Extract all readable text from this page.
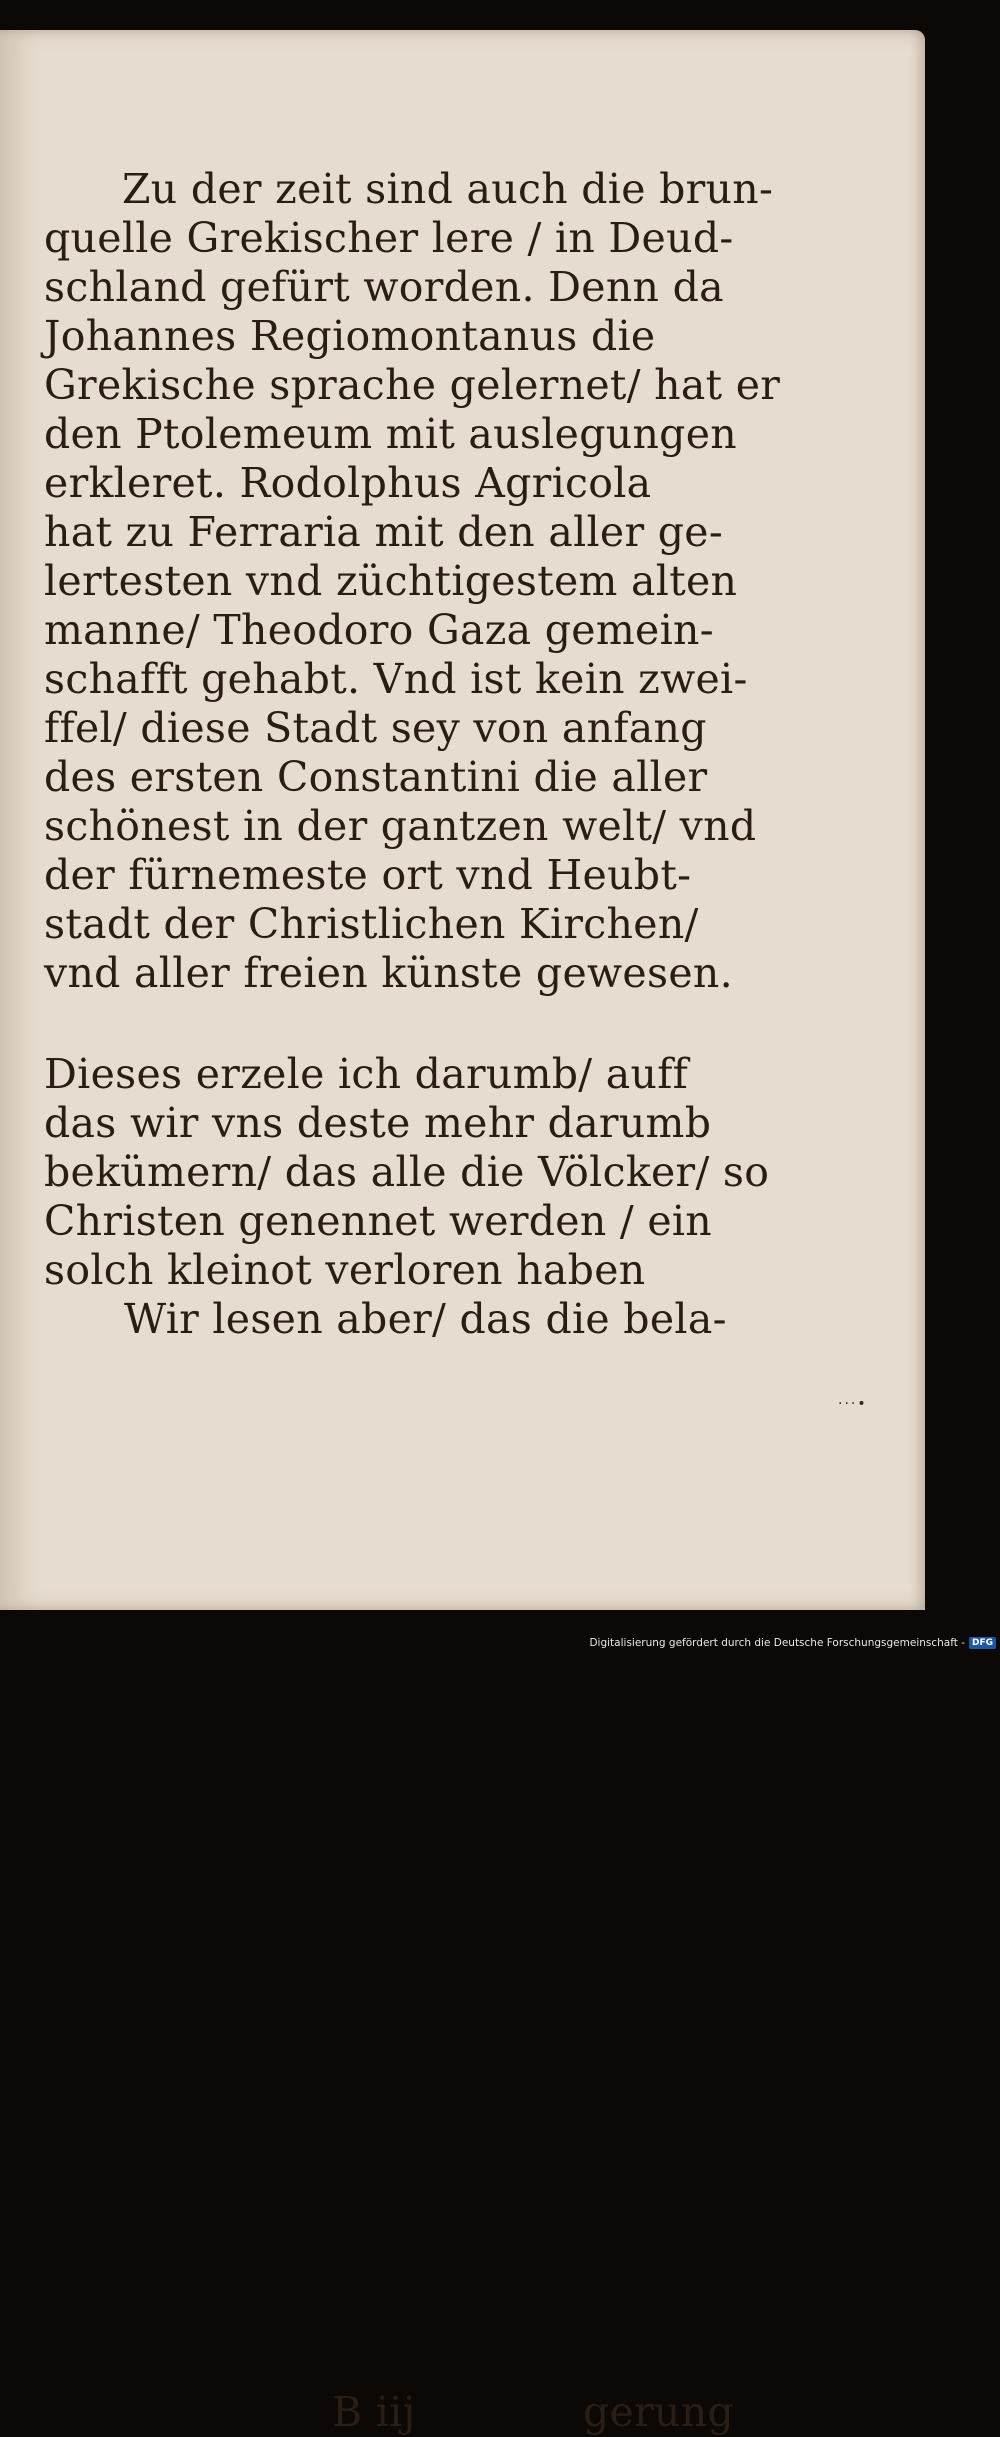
Zu der zeit sind auch die brun-
quelle Grekischer lere / in Deud-
schland gefürt worden. Denn da
Johannes Regiomontanus die
Grekische sprache gelernet/ hat er
den Ptolemeum mit auslegungen
erkleret. Rodolphus Agricola
hat zu Ferraria mit den aller ge-
lertesten vnd züchtigestem alten
manne/ Theodoro Gaza gemein-
schafft gehabt. Vnd ist kein zwei-
ffel/ diese Stadt sey von anfang
des ersten Constantini die aller
schönest in der gantzen welt/ vnd
der fürnemeste ort vnd Heubt-
stadt der Christlichen Kirchen/
vnd aller freien künste gewesen.
Dieses erzele ich darumb/ auff
das wir vns deste mehr darumb
bekümern/ das alle die Völcker/ so
Christen genennet werden / ein
solch kleinot verloren haben
Wir lesen aber/ das die bela-
B iij	gerung
···•
Digitalisierung gefördert durch die Deutsche Forschungsgemeinschaft - DFG
